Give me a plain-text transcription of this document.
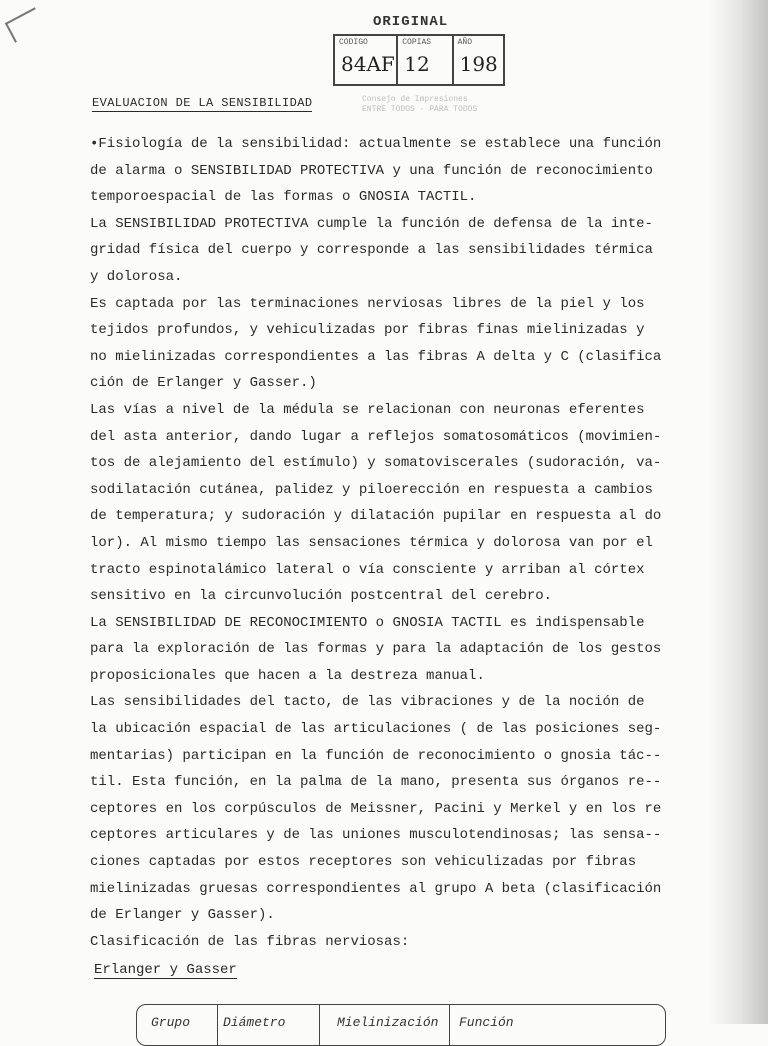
ORIGINAL
CODIGO
84AF
COPIAS
12
AÑO
198
Consejo de Impresiones
ENTRE TODOS · PARA TODOS
EVALUACION DE LA SENSIBILIDAD
•Fisiología de la sensibilidad: actualmente se establece una función
de alarma o SENSIBILIDAD PROTECTIVA y una función de reconocimiento
temporoespacial de las formas o GNOSIA TACTIL.
La SENSIBILIDAD PROTECTIVA cumple la función de defensa de la inte-
gridad física del cuerpo y corresponde a las sensibilidades térmica
y dolorosa.
Es captada por las terminaciones nerviosas libres de la piel y los
tejidos profundos, y vehiculizadas por fibras finas mielinizadas y
no mielinizadas correspondientes a las fibras A delta y C (clasifica
ción de Erlanger y Gasser.)
Las vías a nivel de la médula se relacionan con neuronas eferentes
del asta anterior, dando lugar a reflejos somatosomáticos (movimien-
tos de alejamiento del estímulo) y somatoviscerales (sudoración, va-
sodilatación cutánea, palidez y piloerección en respuesta a cambios
de temperatura; y sudoración y dilatación pupilar en respuesta al do
lor). Al mismo tiempo las sensaciones térmica y dolorosa van por el
tracto espinotalámico lateral o vía consciente y arriban al córtex
sensitivo en la circunvolución postcentral del cerebro.
La SENSIBILIDAD DE RECONOCIMIENTO o GNOSIA TACTIL es indispensable
para la exploración de las formas y para la adaptación de los gestos
proposicionales que hacen a la destreza manual.
Las sensibilidades del tacto, de las vibraciones y de la noción de
la ubicación espacial de las articulaciones ( de las posiciones seg-
mentarias) participan en la función de reconocimiento o gnosia tác--
til. Esta función, en la palma de la mano, presenta sus órganos re--
ceptores en los corpúsculos de Meissner, Pacini y Merkel y en los re
ceptores articulares y de las uniones musculotendinosas; las sensa--
ciones captadas por estos receptores son vehiculizadas por fibras
mielinizadas gruesas correspondientes al grupo A beta (clasificación
de Erlanger y Gasser).
Clasificación de las fibras nerviosas:
Erlanger y Gasser
Grupo	Diámetro	Mielinización Función
